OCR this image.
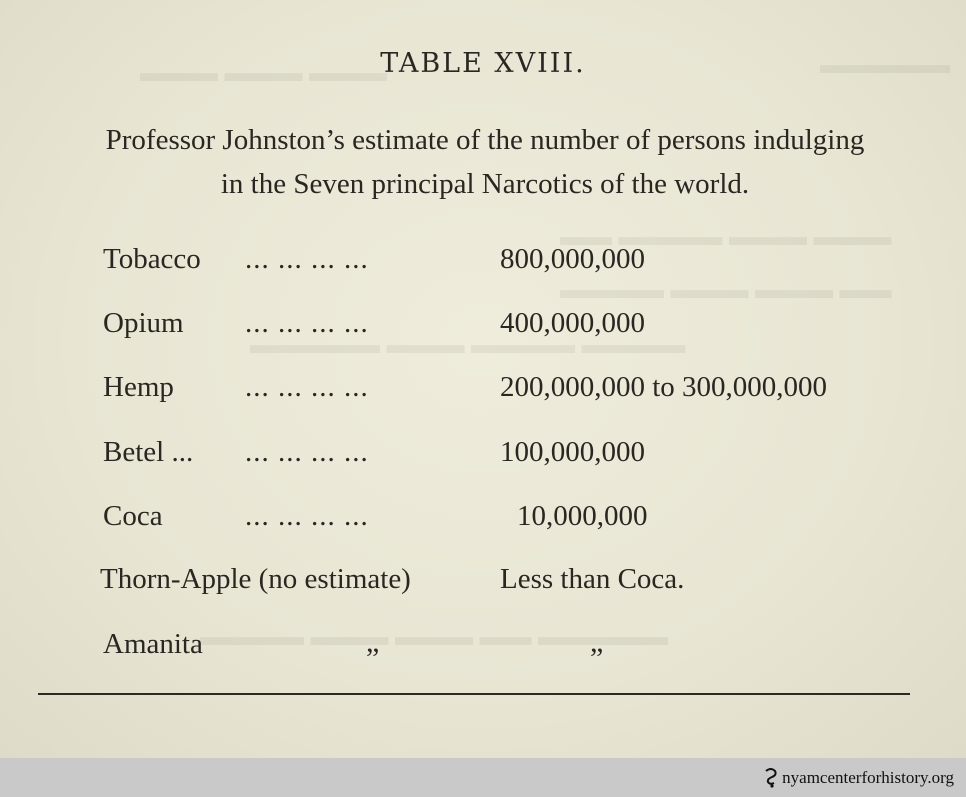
▬▬▬ ▬▬▬ ▬▬▬	▬▬▬▬▬
▬▬ ▬▬▬▬ ▬▬▬ ▬▬▬
▬▬▬▬ ▬▬▬ ▬▬▬ ▬▬
▬▬▬▬▬ ▬▬▬ ▬▬▬▬ ▬▬▬▬
▬▬▬▬ ▬▬▬ ▬▬▬ ▬▬ ▬▬▬▬▬
TABLE XVIII.
Professor Johnston’s estimate of the number of persons indulging
in the Seven principal Narcotics of the world.
Tobacco ... ... ... ...	800,000,000
Opium ... ... ... ...	400,000,000
Hemp ... ... ... ...	200,000,000 to 300,000,000
Betel ... ... ... ... ...	100,000,000
Coca	... ... ... ...	10,000,000
Thorn-Apple (no estimate)	Less than Coca.
Amanita	”	”
nyamcenterforhistory.org
